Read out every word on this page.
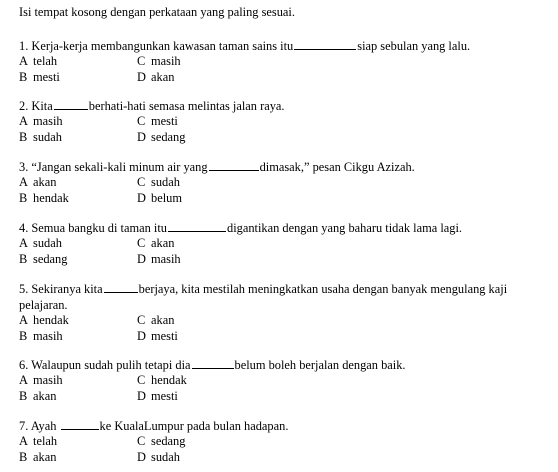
Isi tempat kosong dengan perkataan yang paling sesuai.
1. Kerja-kerja membangunkan kawasan taman sains itu	siap sebulan yang lalu.
A telah	C masih
B mesti	D akan
2. Kita	berhati-hati semasa melintas jalan raya.
A masih	C mesti
B sudah	D sedang
3. “Jangan sekali-kali minum air yang	dimasak,” pesan Cikgu Azizah.
A akan	C sudah
B hendak	D belum
4. Semua bangku di taman itu	digantikan dengan yang baharu tidak lama lagi.
A sudah	C akan
B sedang	D masih
5. Sekiranya kita	berjaya, kita mestilah meningkatkan usaha dengan banyak mengulang kaji pelajaran.
A hendak	C akan
B masih	D mesti
6. Walaupun sudah pulih tetapi dia	belum boleh berjalan dengan baik.
A masih	C hendak
B akan	D mesti
7. Ayah	ke KualaLumpur pada bulan hadapan.
A telah	C sedang
B akan	D sudah
